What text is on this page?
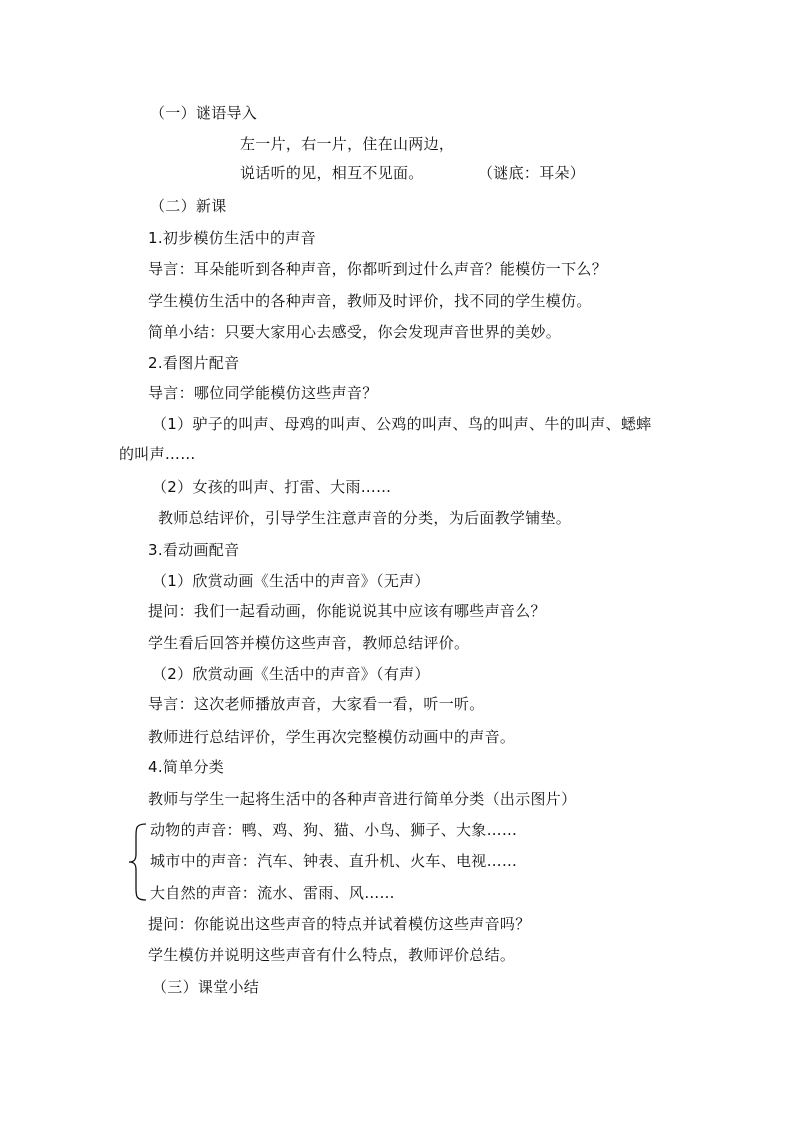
（一）谜语导入
左一片，右一片，住在山两边，
说话听的见，相互不见面。	（谜底：耳朵）
（二）新课
1.初步模仿生活中的声音
导言：耳朵能听到各种声音，你都听到过什么声音？能模仿一下么？
学生模仿生活中的各种声音，教师及时评价，找不同的学生模仿。
简单小结：只要大家用心去感受，你会发现声音世界的美妙。
2.看图片配音
导言：哪位同学能模仿这些声音？
（1）驴子的叫声、母鸡的叫声、公鸡的叫声、鸟的叫声、牛的叫声、蟋蟀
的叫声……
（2）女孩的叫声、打雷、大雨……
教师总结评价，引导学生注意声音的分类，为后面教学铺垫。
3.看动画配音
（1）欣赏动画《生活中的声音》（无声）
提问：我们一起看动画，你能说说其中应该有哪些声音么？
学生看后回答并模仿这些声音，教师总结评价。
（2）欣赏动画《生活中的声音》（有声）
导言：这次老师播放声音，大家看一看，听一听。
教师进行总结评价，学生再次完整模仿动画中的声音。
4.简单分类
教师与学生一起将生活中的各种声音进行简单分类（出示图片）
动物的声音：鸭、鸡、狗、猫、小鸟、狮子、大象……
城市中的声音：汽车、钟表、直升机、火车、电视……
大自然的声音：流水、雷雨、风……
提问：你能说出这些声音的特点并试着模仿这些声音吗？
学生模仿并说明这些声音有什么特点，教师评价总结。
（三）课堂小结
